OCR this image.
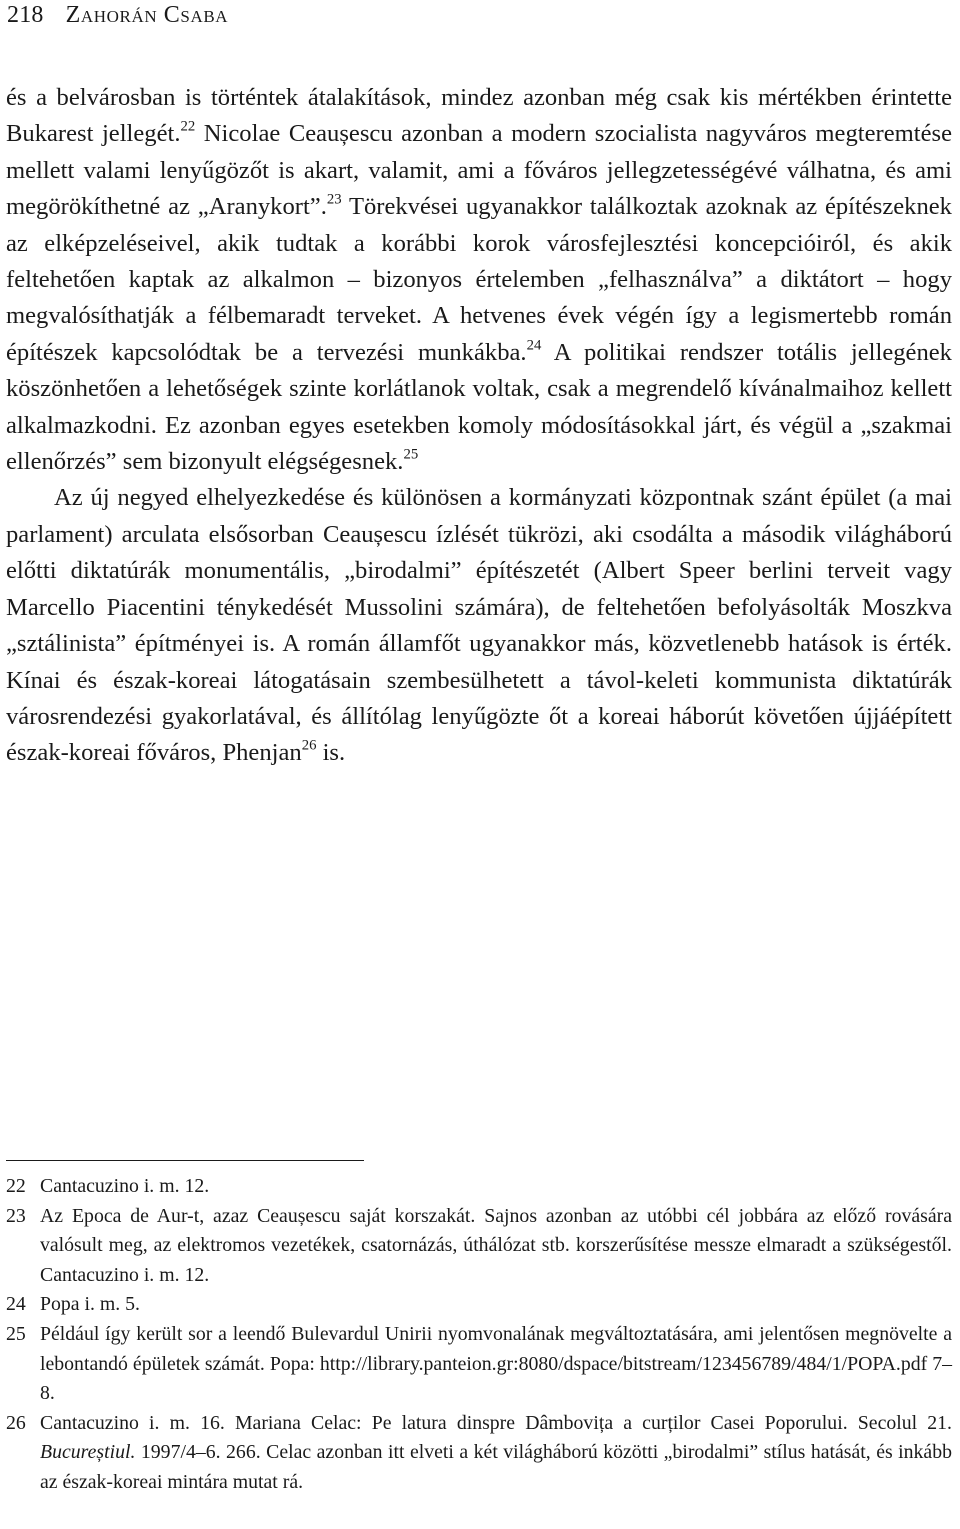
218 Zahorán Csaba

és a belvárosban is történtek átalakítások, mindez azonban még csak kis mértékben érintette Bukarest jellegét.$^{22}$ Nicolae Ceaușescu azonban a modern szocialista nagyváros megteremtése mellett valami lenyűgözőt is akart, valamit, ami a főváros jellegzetességévé válhatna, és ami megörökíthetné az „Aranykort”.$^{23}$ Törekvései ugyanakkor találkoztak azoknak az építészeknek az elképzeléseivel, akik tudtak a korábbi korok városfejlesztési koncepcióiról, és akik feltehetően kaptak az alkalmon – bizonyos értelemben „felhasználva” a diktátort – hogy megvalósíthatják a félbemaradt terveket. A hetvenes évek végén így a legismertebb román építészek kapcsolódtak be a tervezési munkákba.$^{24}$ A politikai rendszer totális jellegének köszönhetően a lehetőségek szinte korlátlanok voltak, csak a megrendelő kívánalmaihoz kellett alkalmazkodni. Ez azonban egyes esetekben komoly módosításokkal járt, és végül a „szakmai ellenőrzés” sem bizonyult elégségesnek.$^{25}$

Az új negyed elhelyezkedése és különösen a kormányzati központnak szánt épület (a mai parlament) arculata elsősorban Ceaușescu ízlését tükrözi, aki csodálta a második világháború előtti diktatúrák monumentális, „birodalmi” építészetét (Albert Speer berlini terveit vagy Marcello Piacentini ténykedését Mussolini számára), de feltehetően befolyásolták Moszkva „sztálinista” építményei is. A román államfőt ugyanakkor más, közvetlenebb hatások is érték. Kínai és észak-koreai látogatásain szembesülhetett a távol-keleti kommunista diktatúrák városrendezési gyakorlatával, és állítólag lenyűgözte őt a koreai háborút követően újjáépített észak-koreai főváros, Phenjan$^{26}$ is.

22 Cantacuzino i. m. 12.
23 Az Epoca de Aur-t, azaz Ceaușescu saját korszakát. Sajnos azonban az utóbbi cél jobbára az előző rovására valósult meg, az elektromos vezetékek, csatornázás, úthálózat stb. korszerűsítése messze elmaradt a szükségestől. Cantacuzino i. m. 12.
24 Popa i. m. 5.
25 Például így került sor a leendő Bulevardul Unirii nyomvonalának megváltoztatására, ami jelentősen megnövelte a lebontandó épületek számát. Popa: http://library.panteion.gr:8080/dspace/bitstream/123456789/484/1/POPA.pdf 7–8.
26 Cantacuzino i. m. 16. Mariana Celac: Pe latura dinspre Dâmbovița a curților Casei Poporului. Secolul 21. Bucureștiul. 1997/4–6. 266. Celac azonban itt elveti a két világháború közötti „birodalmi” stílus hatását, és inkább az észak-koreai mintára mutat rá.
